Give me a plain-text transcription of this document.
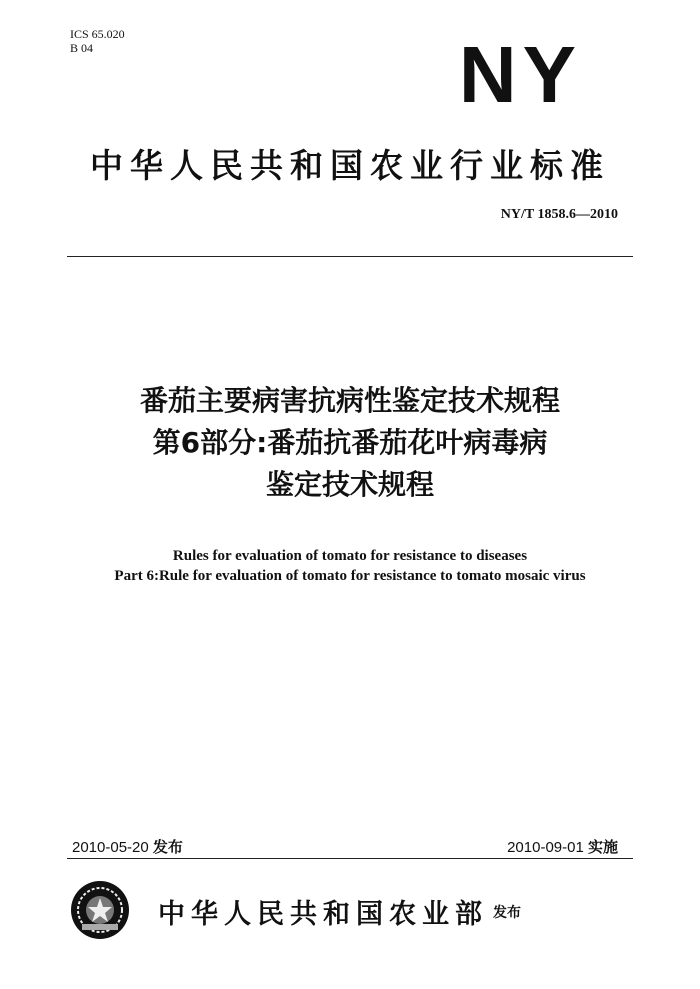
ICS 65.020
B 04	NY
中华人民共和国农业行业标准
NY/T 1858.6—2010
番茄主要病害抗病性鉴定技术规程
第6部分:番茄抗番茄花叶病毒病
鉴定技术规程
Rules for evaluation of tomato for resistance to diseases
Part 6:Rule for evaluation of tomato for resistance to tomato mosaic virus
2010-05-20 发布	2010-09-01 实施
中华人民共和国农业部 发布
